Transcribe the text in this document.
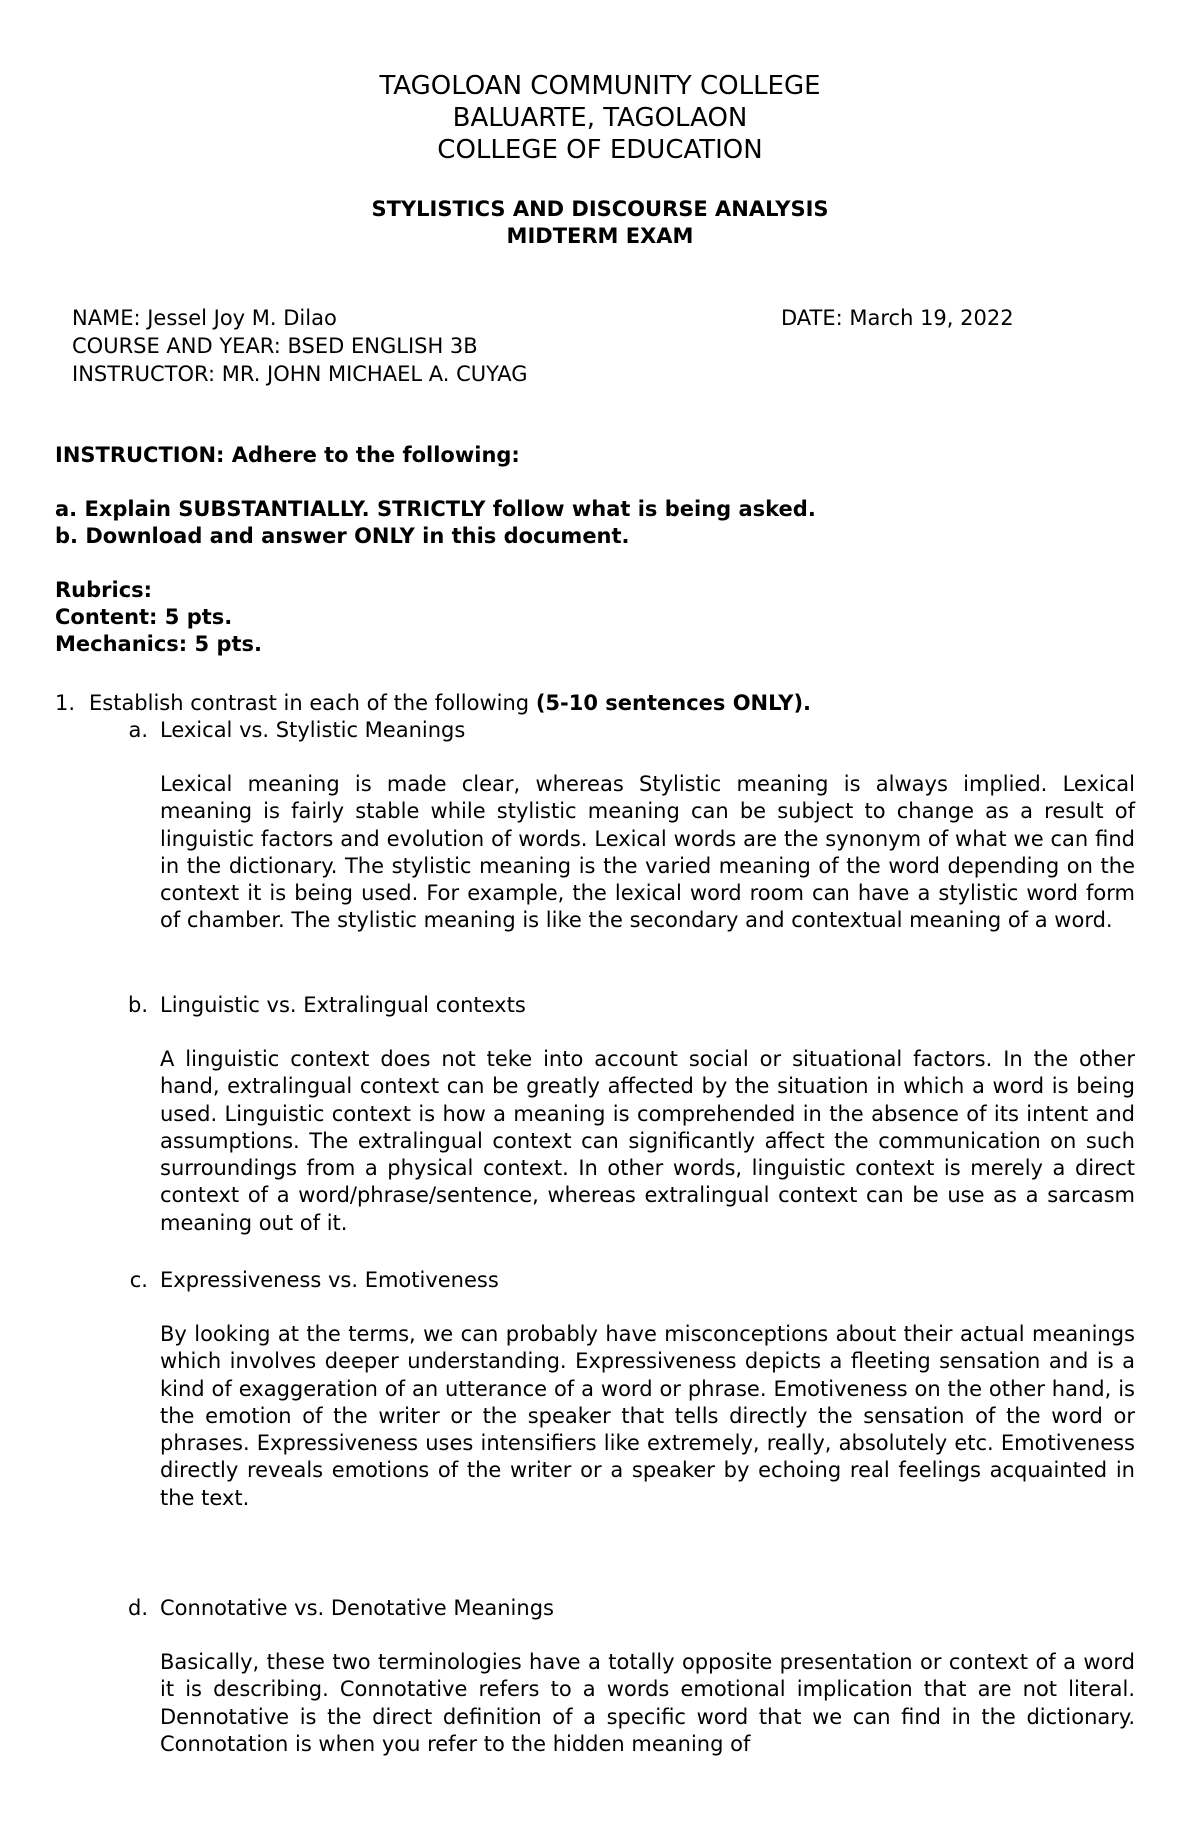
TAGOLOAN COMMUNITY COLLEGE
BALUARTE, TAGOLAON
COLLEGE OF EDUCATION
STYLISTICS AND DISCOURSE ANALYSIS
MIDTERM EXAM
NAME: Jessel Joy M. Dilao
COURSE AND YEAR: BSED ENGLISH 3B
INSTRUCTOR: MR. JOHN MICHAEL A. CUYAG
DATE: March 19, 2022
INSTRUCTION: Adhere to the following:
a. Explain SUBSTANTIALLY. STRICTLY follow what is being asked.
b. Download and answer ONLY in this document.
Rubrics:
Content: 5 pts.
Mechanics: 5 pts.
1. Establish contrast in each of the following (5-10 sentences ONLY).
a. Lexical vs. Stylistic Meanings
Lexical meaning is made clear, whereas Stylistic meaning is always implied. Lexical meaning is fairly stable while stylistic meaning can be subject to change as a result of linguistic factors and evolution of words. Lexical words are the synonym of what we can find in the dictionary. The stylistic meaning is the varied meaning of the word depending on the context it is being used. For example, the lexical word room can have a stylistic word form of chamber. The stylistic meaning is like the secondary and contextual meaning of a word.
b. Linguistic vs. Extralingual contexts
A linguistic context does not teke into account social or situational factors. In the other hand, extralingual context can be greatly affected by the situation in which a word is being used. Linguistic context is how a meaning is comprehended in the absence of its intent and assumptions. The extralingual context can significantly affect the communication on such surroundings from a physical context. In other words, linguistic context is merely a direct context of a word/phrase/sentence, whereas extralingual context can be use as a sarcasm meaning out of it.
c. Expressiveness vs. Emotiveness
By looking at the terms, we can probably have misconceptions about their actual meanings which involves deeper understanding. Expressiveness depicts a fleeting sensation and is a kind of exaggeration of an utterance of a word or phrase. Emotiveness on the other hand, is the emotion of the writer or the speaker that tells directly the sensation of the word or phrases. Expressiveness uses intensifiers like extremely, really, absolutely etc. Emotiveness directly reveals emotions of the writer or a speaker by echoing real feelings acquainted in the text.
d. Connotative vs. Denotative Meanings
Basically, these two terminologies have a totally opposite presentation or context of a word it is describing. Connotative refers to a words emotional implication that are not literal. Dennotative is the direct definition of a specific word that we can find in the dictionary. Connotation is when you refer to the hidden meaning of
